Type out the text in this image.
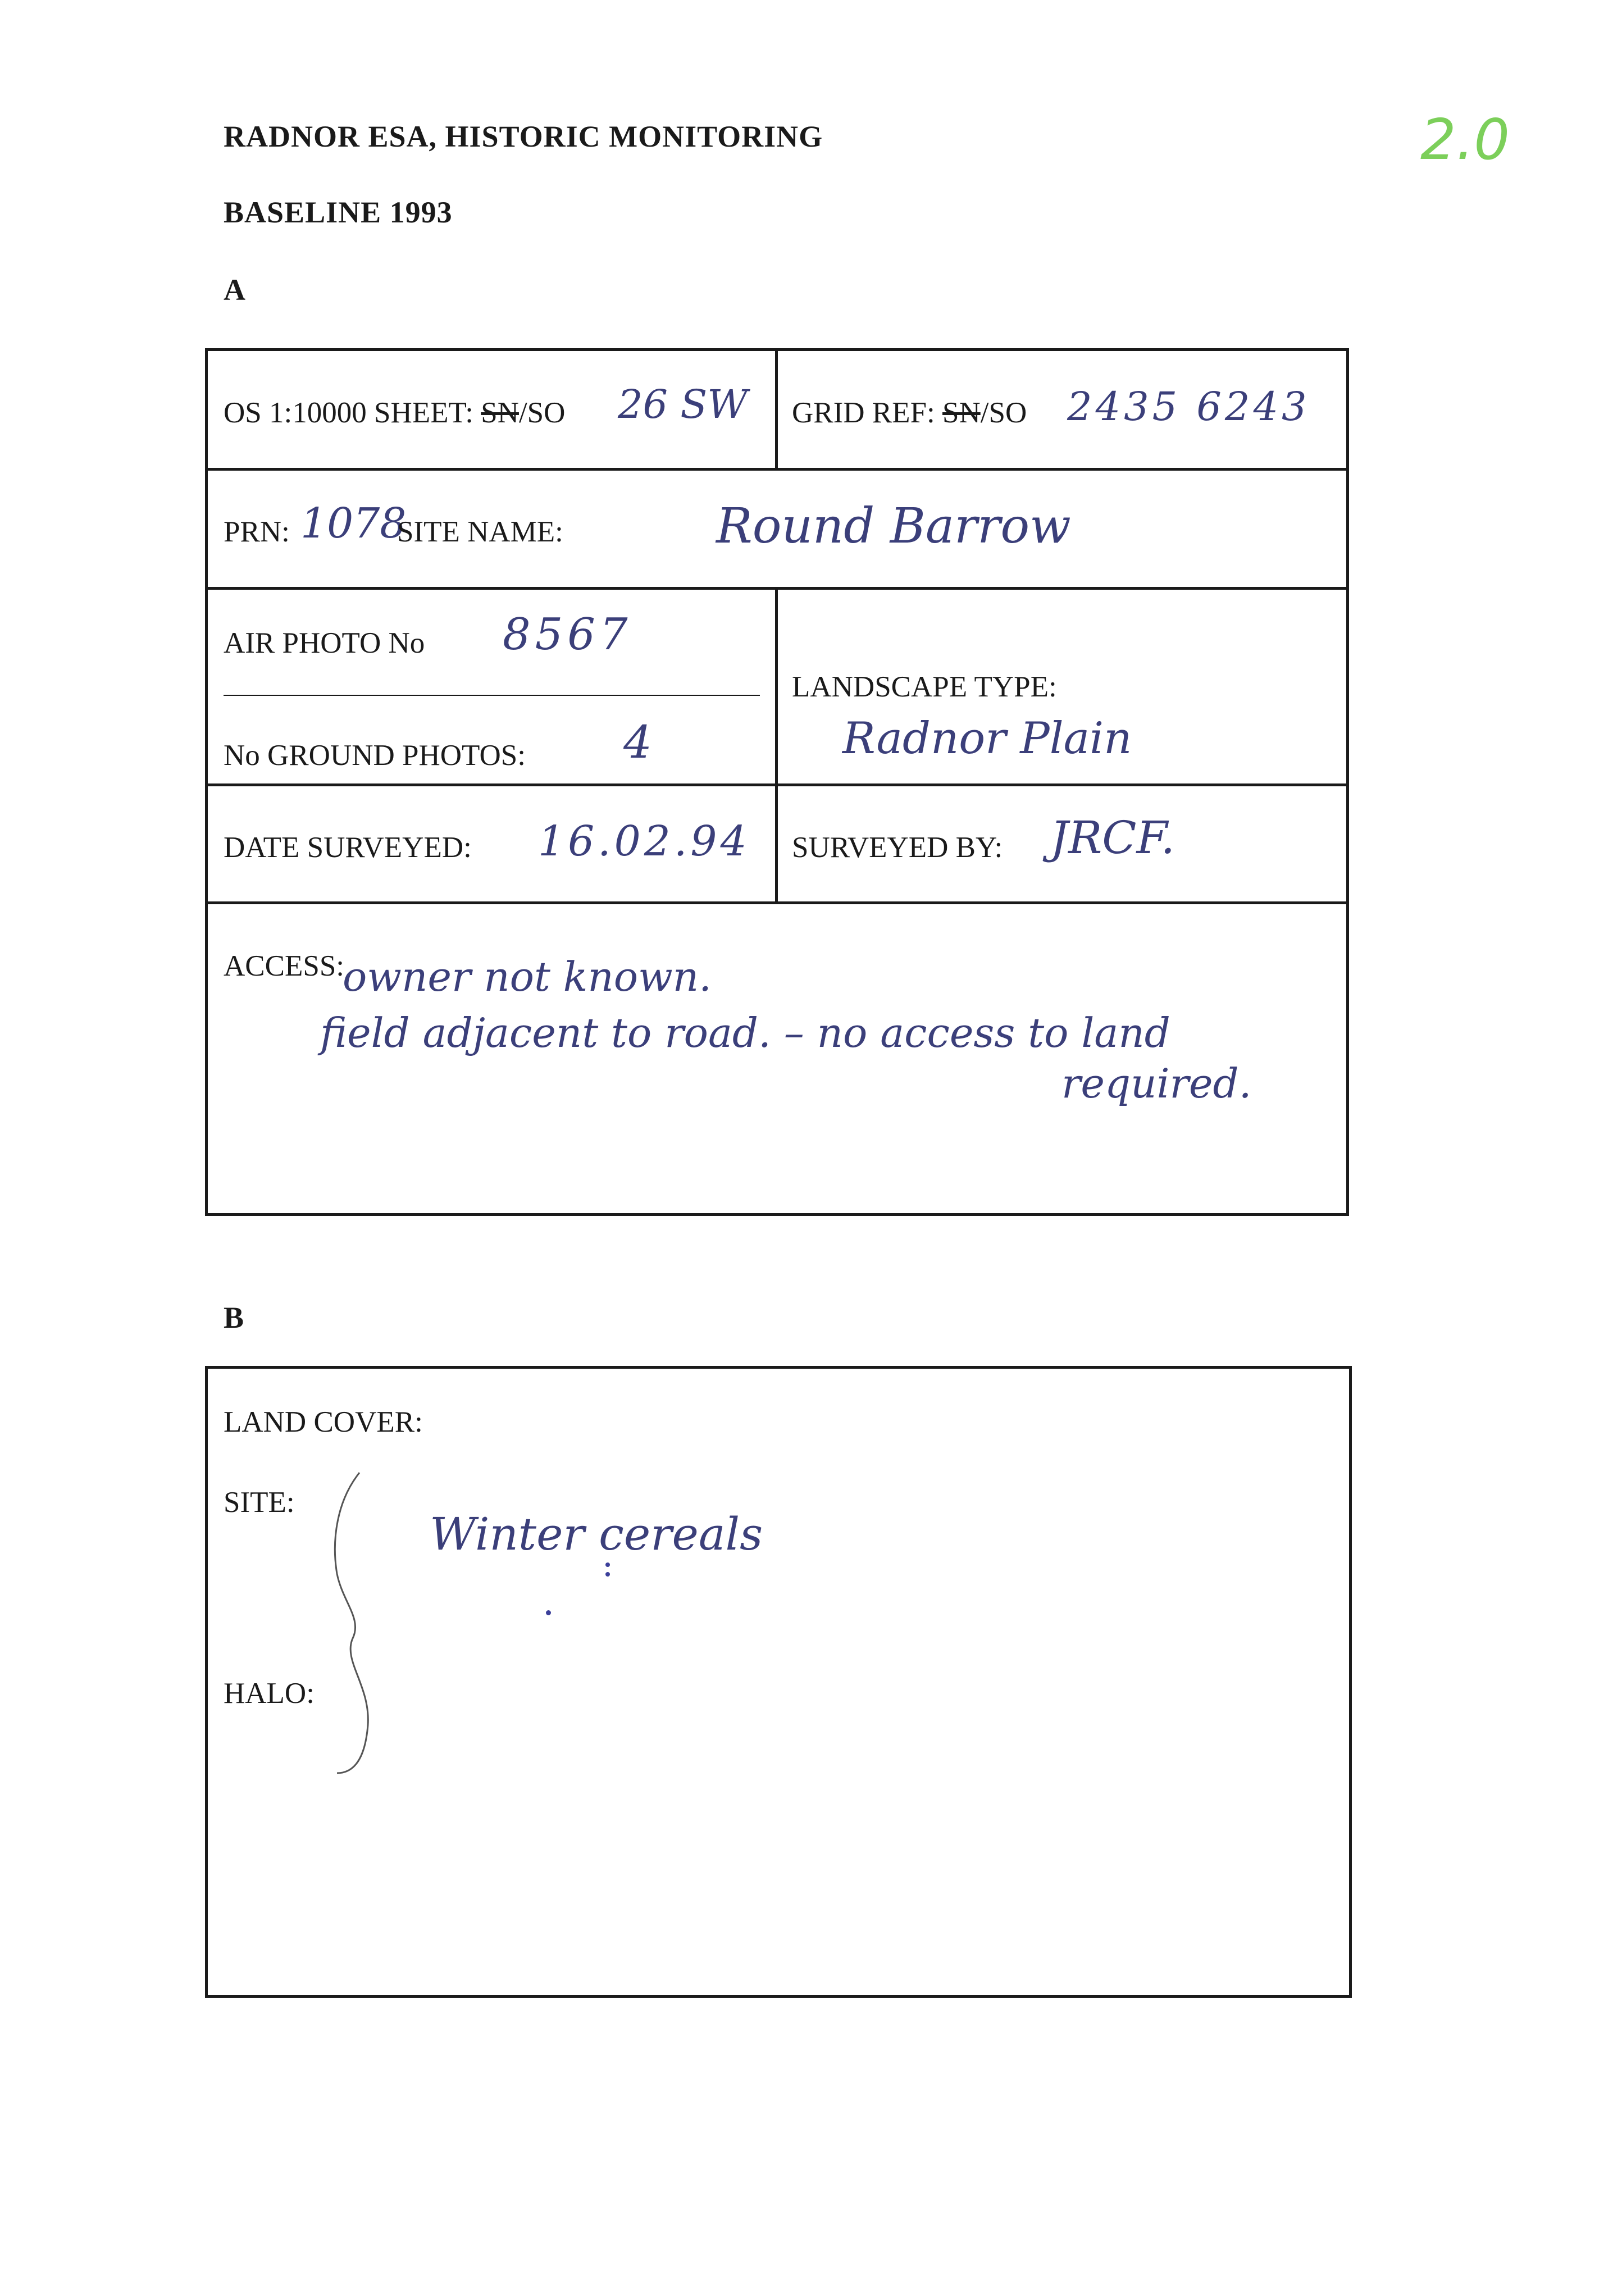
2.0
RADNOR ESA, HISTORIC MONITORING
BASELINE 1993
A
OS 1:10000 SHEET: SN/SO 26 SW GRID REF: SN/SO 2435 6243
PRN: 1078
SITE NAME:	Round Barrow
AIR PHOTO No 8567
No GROUND PHOTOS: 4
LANDSCAPE TYPE:
Radnor Plain
DATE SURVEYED: 16.02.94 SURVEYED BY: JRCF.
ACCESS:
owner not known.
field adjacent to road. – no access to land
required.
B
LAND COVER:
SITE:
HALO:
Winter cereals
